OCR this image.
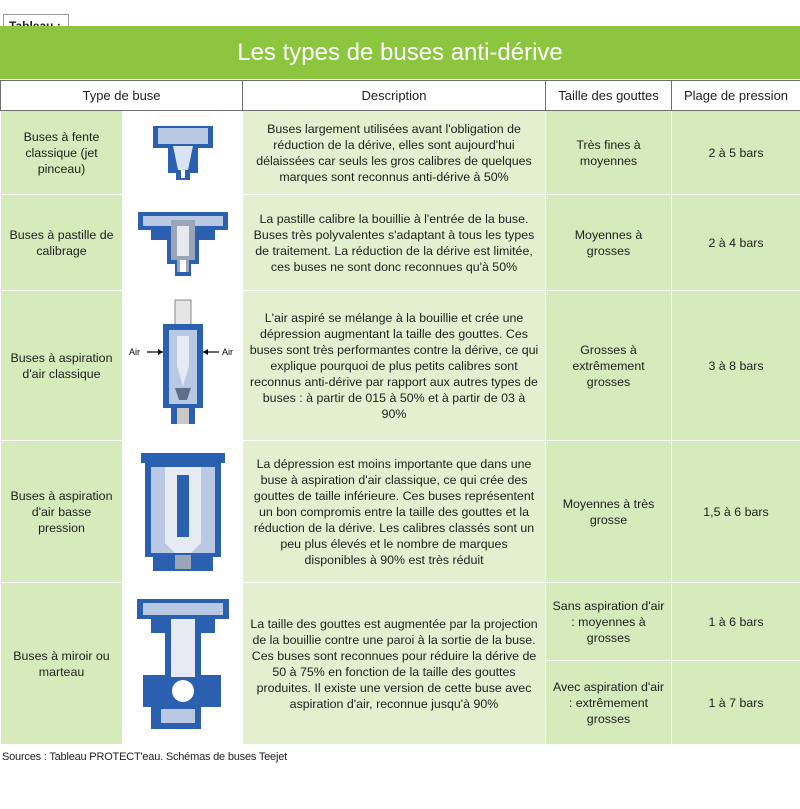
Les types de buses anti-dérive
Type de buse		Description	Taille des gouttes	Plage de pression
Buses à fente classique (jet pinceau)		Buses largement utilisées avant l'obligation de réduction de la dérive, elles sont aujourd'hui délaissées car seuls les gros calibres de quelques marques sont reconnus anti-dérive à 50%	Très fines à moyennes	2 à 5 bars
Buses à pastille de calibrage		La pastille calibre la bouillie à l'entrée de la buse. Buses très polyvalentes s'adaptant à tous les types de traitement. La réduction de la dérive est limitée, ces buses ne sont donc reconnues qu'à 50%	Moyennes à grosses	2 à 4 bars
Buses à aspiration d'air classique	Air Air	L'air aspiré se mélange à la bouillie et crée une dépression augmentant la taille des gouttes. Ces buses sont très performantes contre la dérive, ce qui explique pourquoi de plus petits calibres sont reconnus anti-dérive par rapport aux autres types de buses : à partir de 015 à 50% et à partir de 03 à 90%	Grosses à extrêmement grosses	3 à 8 bars
Buses à aspiration d'air basse pression		La dépression est moins importante que dans une buse à aspiration d'air classique, ce qui crée des gouttes de taille inférieure. Ces buses représentent un bon compromis entre la taille des gouttes et la réduction de la dérive. Les calibres classés sont un peu plus élevés et le nombre de marques disponibles à 90% est très réduit	Moyennes à très grosse	1,5 à 6 bars
Buses à miroir ou marteau		La taille des gouttes est augmentée par la projection de la bouillie contre une paroi à la sortie de la buse. Ces buses sont reconnues pour réduire la dérive de 50 à 75% en fonction de la taille des gouttes produites. Il existe une version de cette buse avec aspiration d'air, reconnue jusqu'à 90%	Sans aspiration d'air : moyennes à grosses	1 à 6 bars
			Avec aspiration d'air : extrêmement grosses	1 à 7 bars
Sources : Tableau PROTECT'eau. Schémas de buses Teejet
